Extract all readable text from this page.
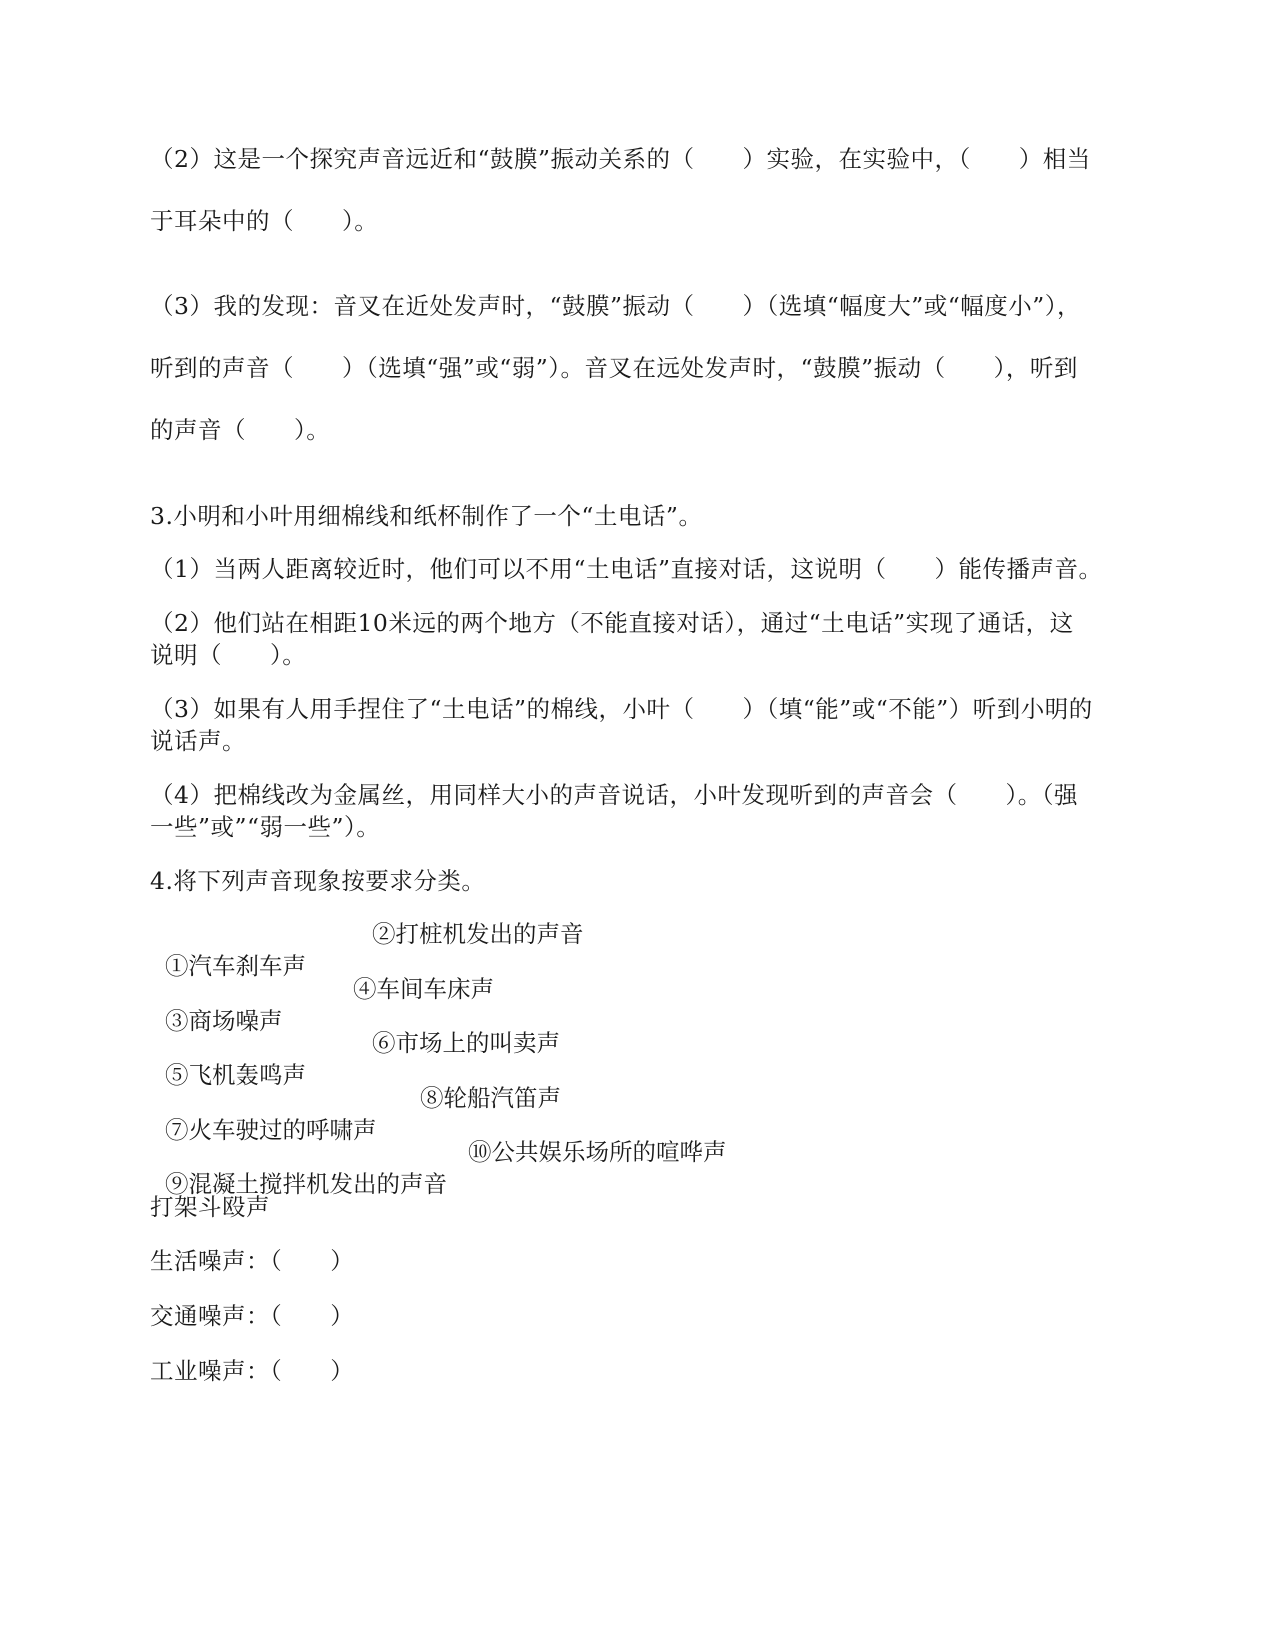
（2）这是一个探究声音远近和“鼓膜”振动关系的（　　）实验，在实验中，（　　）相当
于耳朵中的（　　）。
（3）我的发现：音叉在近处发声时，“鼓膜”振动（　　）（选填“幅度大”或“幅度小”），
听到的声音（　　）（选填“强”或“弱”）。音叉在远处发声时，“鼓膜”振动（　　），听到
的声音（　　）。
3.小明和小叶用细棉线和纸杯制作了一个“土电话”。
（1）当两人距离较近时，他们可以不用“土电话”直接对话，这说明（　　）能传播声音。
（2）他们站在相距10米远的两个地方（不能直接对话），通过“土电话”实现了通话，这
说明（　　）。
（3）如果有人用手捏住了“土电话”的棉线，小叶（　　）（填“能”或“不能”）听到小明的
说话声。
（4）把棉线改为金属丝，用同样大小的声音说话，小叶发现听到的声音会（　　）。（强
一些”或”“弱一些”）。
4.将下列声音现象按要求分类。

①汽车刹车声

②打桩机发出的声音

③商场噪声

④车间车床声

⑤飞机轰鸣声

⑥市场上的叫卖声

⑦火车驶过的呼啸声

⑧轮船汽笛声

⑨混凝土搅拌机发出的声音

⑩公共娱乐场所的喧哗声

打架斗殴声
生活噪声：（　　）
交通噪声：（　　）
工业噪声：（　　）
